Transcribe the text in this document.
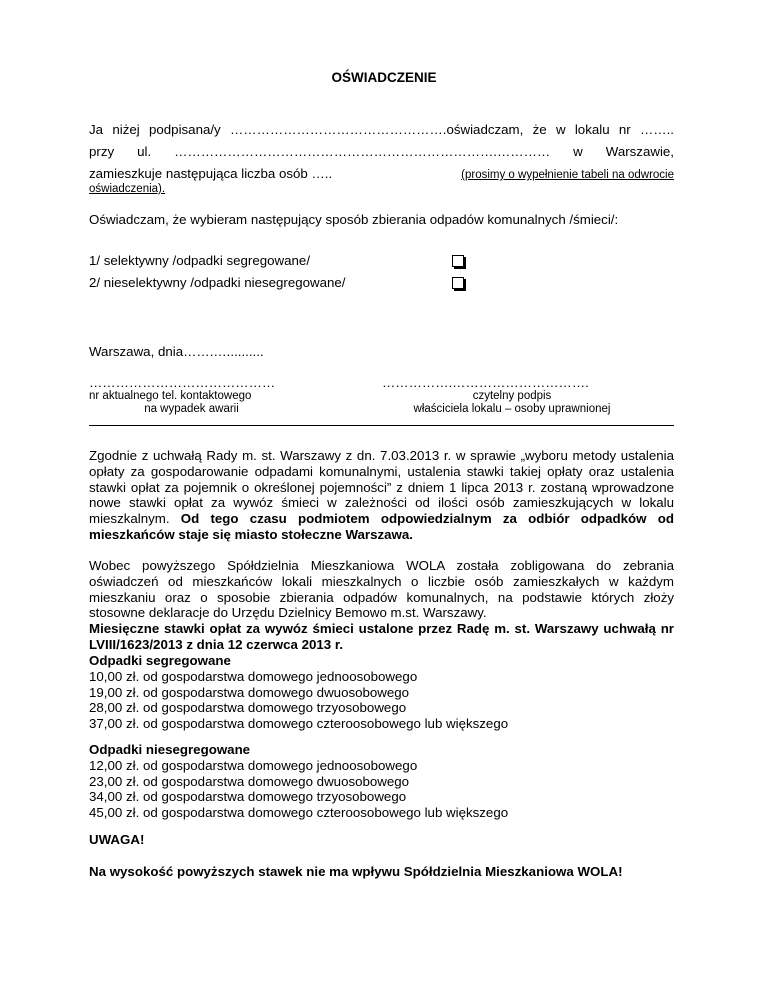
OŚWIADCZENIE
Ja niżej podpisana/y ………………………………………….oświadczam, że w lokalu nr ……..
przy ul. ……………………………………………………………….………… w Warszawie,
zamieszkuje następująca liczba osób …..	(prosimy o wypełnienie tabeli na odwrocie
oświadczenia).
Oświadczam, że wybieram następujący sposób zbierania odpadów komunalnych /śmieci/:
1/ selektywny /odpadki segregowane/
2/ nieselektywny /odpadki niesegregowane/
Warszawa, dnia…….…..........
……………………………………
nr aktualnego tel. kontaktowego
na wypadek awarii
…………….………………………….
czytelny podpis
właściciela lokalu – osoby uprawnionej
Zgodnie z uchwałą Rady m. st. Warszawy z dn. 7.03.2013 r. w sprawie „wyboru metody ustalenia opłaty za gospodarowanie odpadami komunalnymi, ustalenia stawki takiej opłaty oraz ustalenia stawki opłat za pojemnik o określonej pojemności” z dniem 1 lipca 2013 r. zostaną wprowadzone nowe stawki opłat za wywóz śmieci w zależności od ilości osób zamieszkujących w lokalu mieszkalnym. Od tego czasu podmiotem odpowiedzialnym za odbiór odpadków od mieszkańców staje się miasto stołeczne Warszawa.
Wobec powyższego Spółdzielnia Mieszkaniowa WOLA została zobligowana do zebrania oświadczeń od mieszkańców lokali mieszkalnych o liczbie osób zamieszkałych w każdym mieszkaniu oraz o sposobie zbierania odpadów komunalnych, na podstawie których złoży stosowne deklaracje do Urzędu Dzielnicy Bemowo m.st. Warszawy.
Miesięczne stawki opłat za wywóz śmieci ustalone przez Radę m. st. Warszawy uchwałą nr LVIII/1623/2013 z dnia 12 czerwca 2013 r.
Odpadki segregowane
10,00 zł. od gospodarstwa domowego jednoosobowego
19,00 zł. od gospodarstwa domowego dwuosobowego
28,00 zł. od gospodarstwa domowego trzyosobowego
37,00 zł. od gospodarstwa domowego czteroosobowego lub większego
Odpadki niesegregowane
12,00 zł. od gospodarstwa domowego jednoosobowego
23,00 zł. od gospodarstwa domowego dwuosobowego
34,00 zł. od gospodarstwa domowego trzyosobowego
45,00 zł. od gospodarstwa domowego czteroosobowego lub większego
UWAGA!
Na wysokość powyższych stawek nie ma wpływu Spółdzielnia Mieszkaniowa WOLA!
